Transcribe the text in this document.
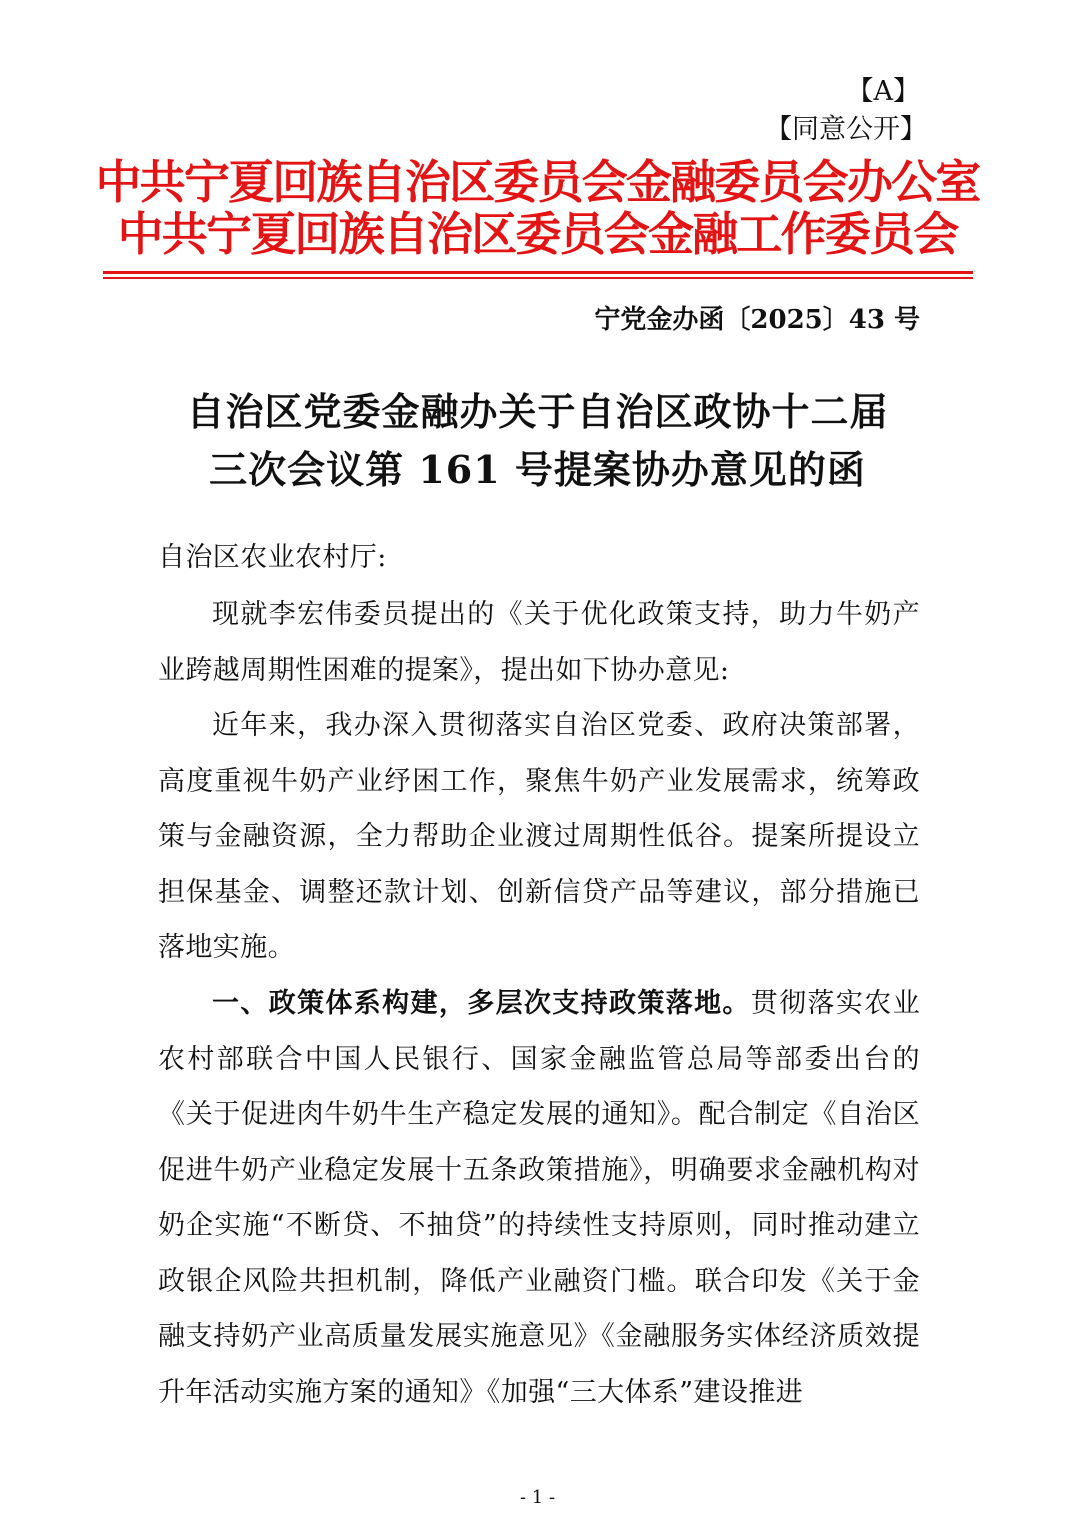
【A】
【同意公开】
中共宁夏回族自治区委员会金融委员会办公室
中共宁夏回族自治区委员会金融工作委员会
宁党金办函〔2025〕43 号
自治区党委金融办关于自治区政协十二届
三次会议第 161 号提案协办意见的函
自治区农业农村厅:

现就李宏伟委员提出的《关于优化政策支持，助力牛奶产业跨越周期性困难的提案》，提出如下协办意见:

近年来，我办深入贯彻落实自治区党委、政府决策部署，高度重视牛奶产业纾困工作，聚焦牛奶产业发展需求，统筹政策与金融资源，全力帮助企业渡过周期性低谷。提案所提设立担保基金、调整还款计划、创新信贷产品等建议，部分措施已落地实施。

一、政策体系构建，多层次支持政策落地。贯彻落实农业农村部联合中国人民银行、国家金融监管总局等部委出台的《关于促进肉牛奶牛生产稳定发展的通知》。配合制定《自治区促进牛奶产业稳定发展十五条政策措施》，明确要求金融机构对奶企实施“不断贷、不抽贷”的持续性支持原则，同时推动建立政银企风险共担机制，降低产业融资门槛。联合印发《关于金融支持奶产业高质量发展实施意见》《金融服务实体经济质效提升年活动实施方案的通知》《加强“三大体系”建设推进

- 1 -
